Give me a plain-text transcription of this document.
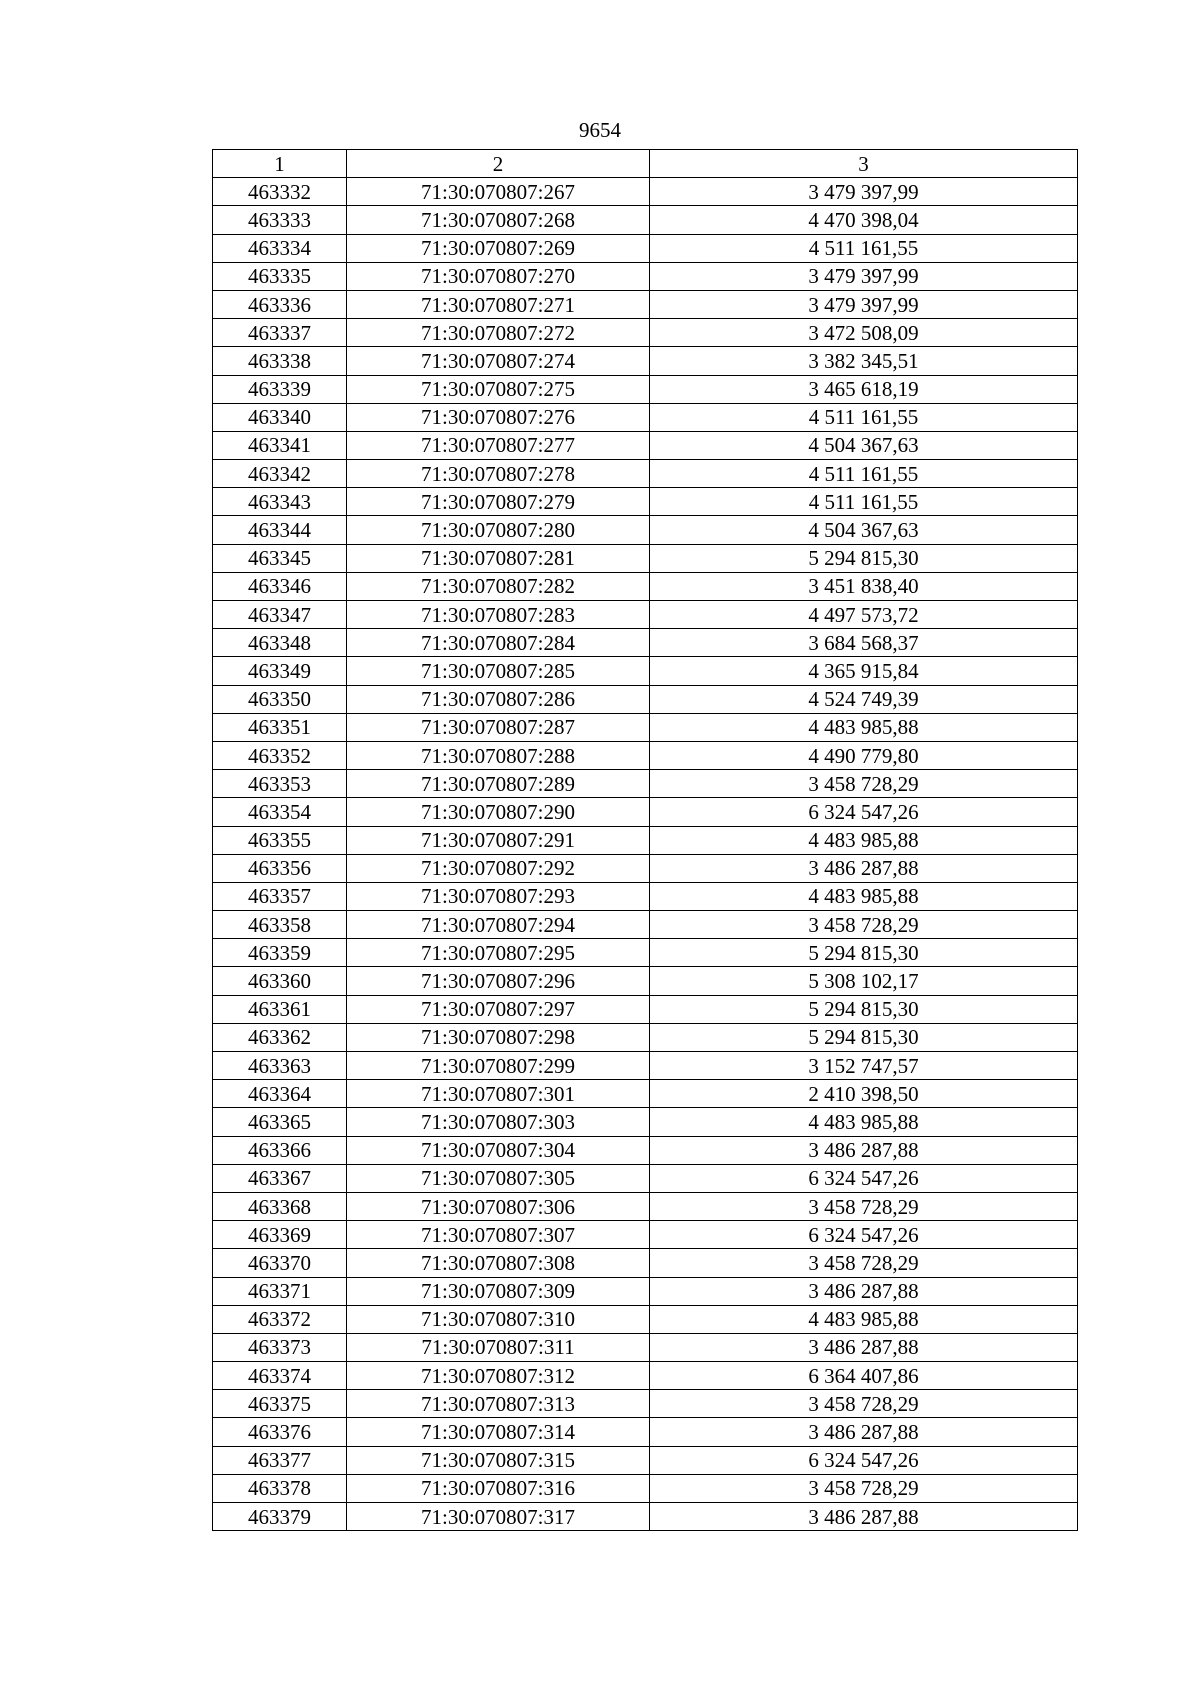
9654
1	2	3
463332	71:30:070807:267	3 479 397,99
463333	71:30:070807:268	4 470 398,04
463334	71:30:070807:269	4 511 161,55
463335	71:30:070807:270	3 479 397,99
463336	71:30:070807:271	3 479 397,99
463337	71:30:070807:272	3 472 508,09
463338	71:30:070807:274	3 382 345,51
463339	71:30:070807:275	3 465 618,19
463340	71:30:070807:276	4 511 161,55
463341	71:30:070807:277	4 504 367,63
463342	71:30:070807:278	4 511 161,55
463343	71:30:070807:279	4 511 161,55
463344	71:30:070807:280	4 504 367,63
463345	71:30:070807:281	5 294 815,30
463346	71:30:070807:282	3 451 838,40
463347	71:30:070807:283	4 497 573,72
463348	71:30:070807:284	3 684 568,37
463349	71:30:070807:285	4 365 915,84
463350	71:30:070807:286	4 524 749,39
463351	71:30:070807:287	4 483 985,88
463352	71:30:070807:288	4 490 779,80
463353	71:30:070807:289	3 458 728,29
463354	71:30:070807:290	6 324 547,26
463355	71:30:070807:291	4 483 985,88
463356	71:30:070807:292	3 486 287,88
463357	71:30:070807:293	4 483 985,88
463358	71:30:070807:294	3 458 728,29
463359	71:30:070807:295	5 294 815,30
463360	71:30:070807:296	5 308 102,17
463361	71:30:070807:297	5 294 815,30
463362	71:30:070807:298	5 294 815,30
463363	71:30:070807:299	3 152 747,57
463364	71:30:070807:301	2 410 398,50
463365	71:30:070807:303	4 483 985,88
463366	71:30:070807:304	3 486 287,88
463367	71:30:070807:305	6 324 547,26
463368	71:30:070807:306	3 458 728,29
463369	71:30:070807:307	6 324 547,26
463370	71:30:070807:308	3 458 728,29
463371	71:30:070807:309	3 486 287,88
463372	71:30:070807:310	4 483 985,88
463373	71:30:070807:311	3 486 287,88
463374	71:30:070807:312	6 364 407,86
463375	71:30:070807:313	3 458 728,29
463376	71:30:070807:314	3 486 287,88
463377	71:30:070807:315	6 324 547,26
463378	71:30:070807:316	3 458 728,29
463379	71:30:070807:317	3 486 287,88
